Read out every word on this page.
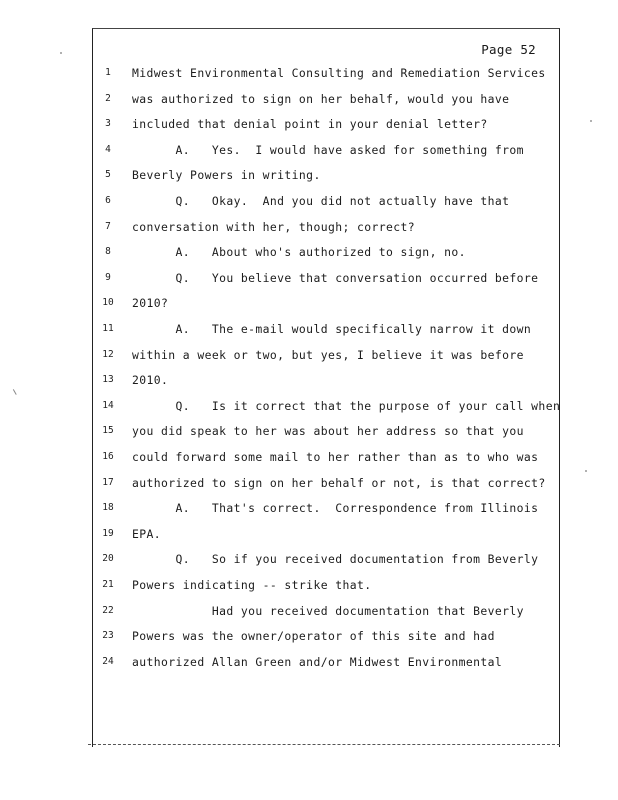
Page 52
1	Midwest Environmental Consulting and Remediation Services
2	was authorized to sign on her behalf, would you have
3	included that denial point in your denial letter?
4	A.   Yes.  I would have asked for something from
5	Beverly Powers in writing.
6	Q.   Okay.  And you did not actually have that
7	conversation with her, though; correct?
8	A.   About who's authorized to sign, no.
9	Q.   You believe that conversation occurred before
10	2010?
11	A.   The e-mail would specifically narrow it down
12	within a week or two, but yes, I believe it was before
13	2010.
14	Q.   Is it correct that the purpose of your call when
15	you did speak to her was about her address so that you
16	could forward some mail to her rather than as to who was
17	authorized to sign on her behalf or not, is that correct?
18	A.   That's correct.  Correspondence from Illinois
19	EPA.
20	Q.   So if you received documentation from Beverly
21	Powers indicating -- strike that.
22	Had you received documentation that Beverly
23	Powers was the owner/operator of this site and had
24	authorized Allan Green and/or Midwest Environmental
